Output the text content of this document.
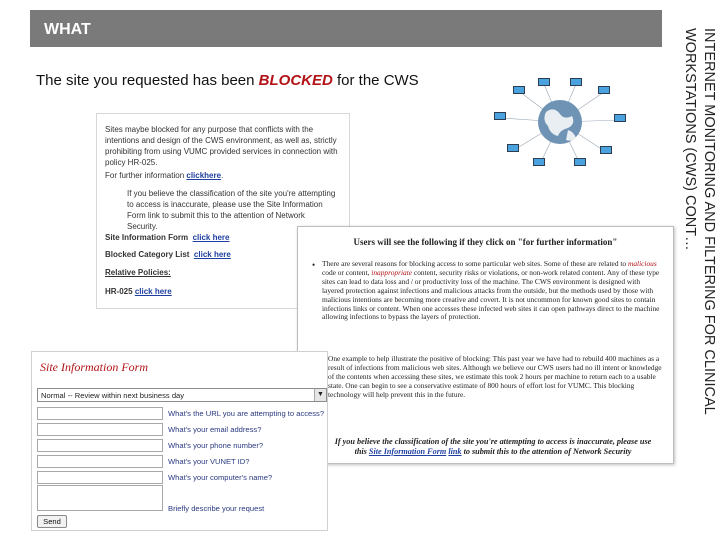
WHAT	INTERNET MONITORING AND FILTERING FOR CLINICAL WORKSTATIONS (CWS) CONT…
The site you requested has been BLOCKED for the CWS
Sites maybe blocked for any purpose that conflicts with the intentions and design of the CWS environment, as well as, strictly prohibiting from using VUMC provided services in connection with policy HR-025.
For further information clickhere.
If you believe the classification of the site you're attempting to access is inaccurate, please use the Site Information Form link to submit this to the attention of Network Security.
Site Information Form click here
Blocked Category List click here
Relative Policies:
HR-025 click here
Users will see the following if they click on "for further information"
• There are several reasons for blocking access to some particular web sites. Some of these are related to malicious code or content, inappropriate content, security risks or violations, or non-work related content. Any of these type sites can lead to data loss and / or productivity loss of the machine. The CWS environment is designed with layered protection against infections and malicious attacks from the outside, but the methods used by those with malicious intentions are becoming more creative and covert. It is not uncommon for known good sites to contain infections links or content. When one accesses these infected web sites it can open pathways direct to the machine allowing infections to bypass the layers of protection.
One example to help illustrate the positive of blocking: This past year we have had to rebuild 400 machines as a result of infections from malicious web sites. Although we believe our CWS users had no ill intent or knowledge of the contents when accessing these sites, we estimate this took 2 hours per machine to return each to a usable state. One can begin to see a conservative estimate of 800 hours of effort lost for VUMC. This blocking technology will help prevent this in the future.
If you believe the classification of the site you're attempting to access is inaccurate, please use this Site Information Form link to submit this to the attention of Network Security
Site Information Form
Normal -- Review within next business day	▼
What's the URL you are attempting to access?
What's your email address?
What's your phone number?
What's your VUNET ID?
What's your computer's name?
Briefly describe your request
Send
